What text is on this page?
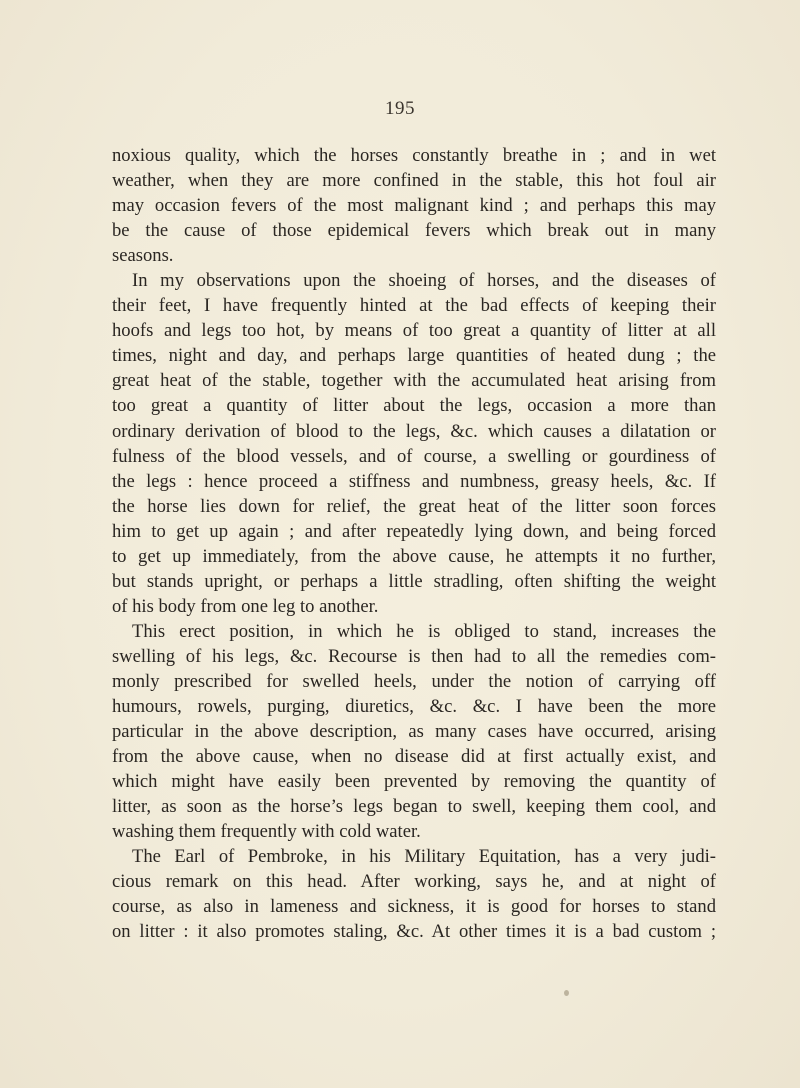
195
noxious quality, which the horses constantly breathe in ; and in wet
weather, when they are more confined in the stable, this hot foul air
may occasion fevers of the most malignant kind ; and perhaps this may
be the cause of those epidemical fevers which break out in many
seasons.
In my observations upon the shoeing of horses, and the diseases of
their feet, I have frequently hinted at the bad effects of keeping their
hoofs and legs too hot, by means of too great a quantity of litter at all
times, night and day, and perhaps large quantities of heated dung ; the
great heat of the stable, together with the accumulated heat arising from
too great a quantity of litter about the legs, occasion a more than
ordinary derivation of blood to the legs, &c. which causes a dilatation or
fulness of the blood vessels, and of course, a swelling or gourdiness of
the legs : hence proceed a stiffness and numbness, greasy heels, &c. If
the horse lies down for relief, the great heat of the litter soon forces
him to get up again ; and after repeatedly lying down, and being forced
to get up immediately, from the above cause, he attempts it no further,
but stands upright, or perhaps a little stradling, often shifting the weight
of his body from one leg to another.
This erect position, in which he is obliged to stand, increases the
swelling of his legs, &c. Recourse is then had to all the remedies com-
monly prescribed for swelled heels, under the notion of carrying off
humours, rowels, purging, diuretics, &c. &c. I have been the more
particular in the above description, as many cases have occurred, arising
from the above cause, when no disease did at first actually exist, and
which might have easily been prevented by removing the quantity of
litter, as soon as the horse’s legs began to swell, keeping them cool, and
washing them frequently with cold water.
The Earl of Pembroke, in his Military Equitation, has a very judi-
cious remark on this head. After working, says he, and at night of
course, as also in lameness and sickness, it is good for horses to stand
on litter : it also promotes staling, &c. At other times it is a bad custom ;
